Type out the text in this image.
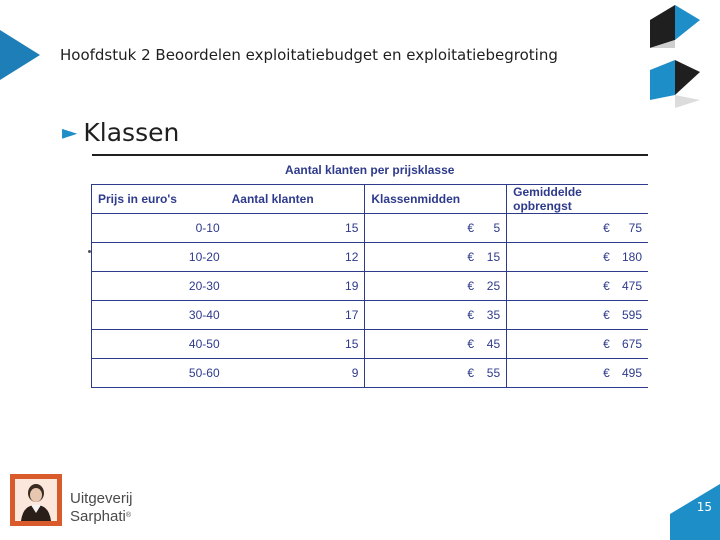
Hoofdstuk 2 Beoordelen exploitatiebudget en exploitatiebegroting
► Klassen
Aantal klanten per prijsklasse			
Prijs in euro's	Aantal klanten	Klassenmidden	Gemiddelde opbrengst
0-10	15	€ 5	€ 75

10-20	12	€ 15	€ 180

20-30	19	€ 25	€ 475

30-40	17	€ 35	€ 595

40-50	15	€ 45	€ 675

50-60	9	€ 55	€ 495
Uitgeverij
Sarphati®
15
